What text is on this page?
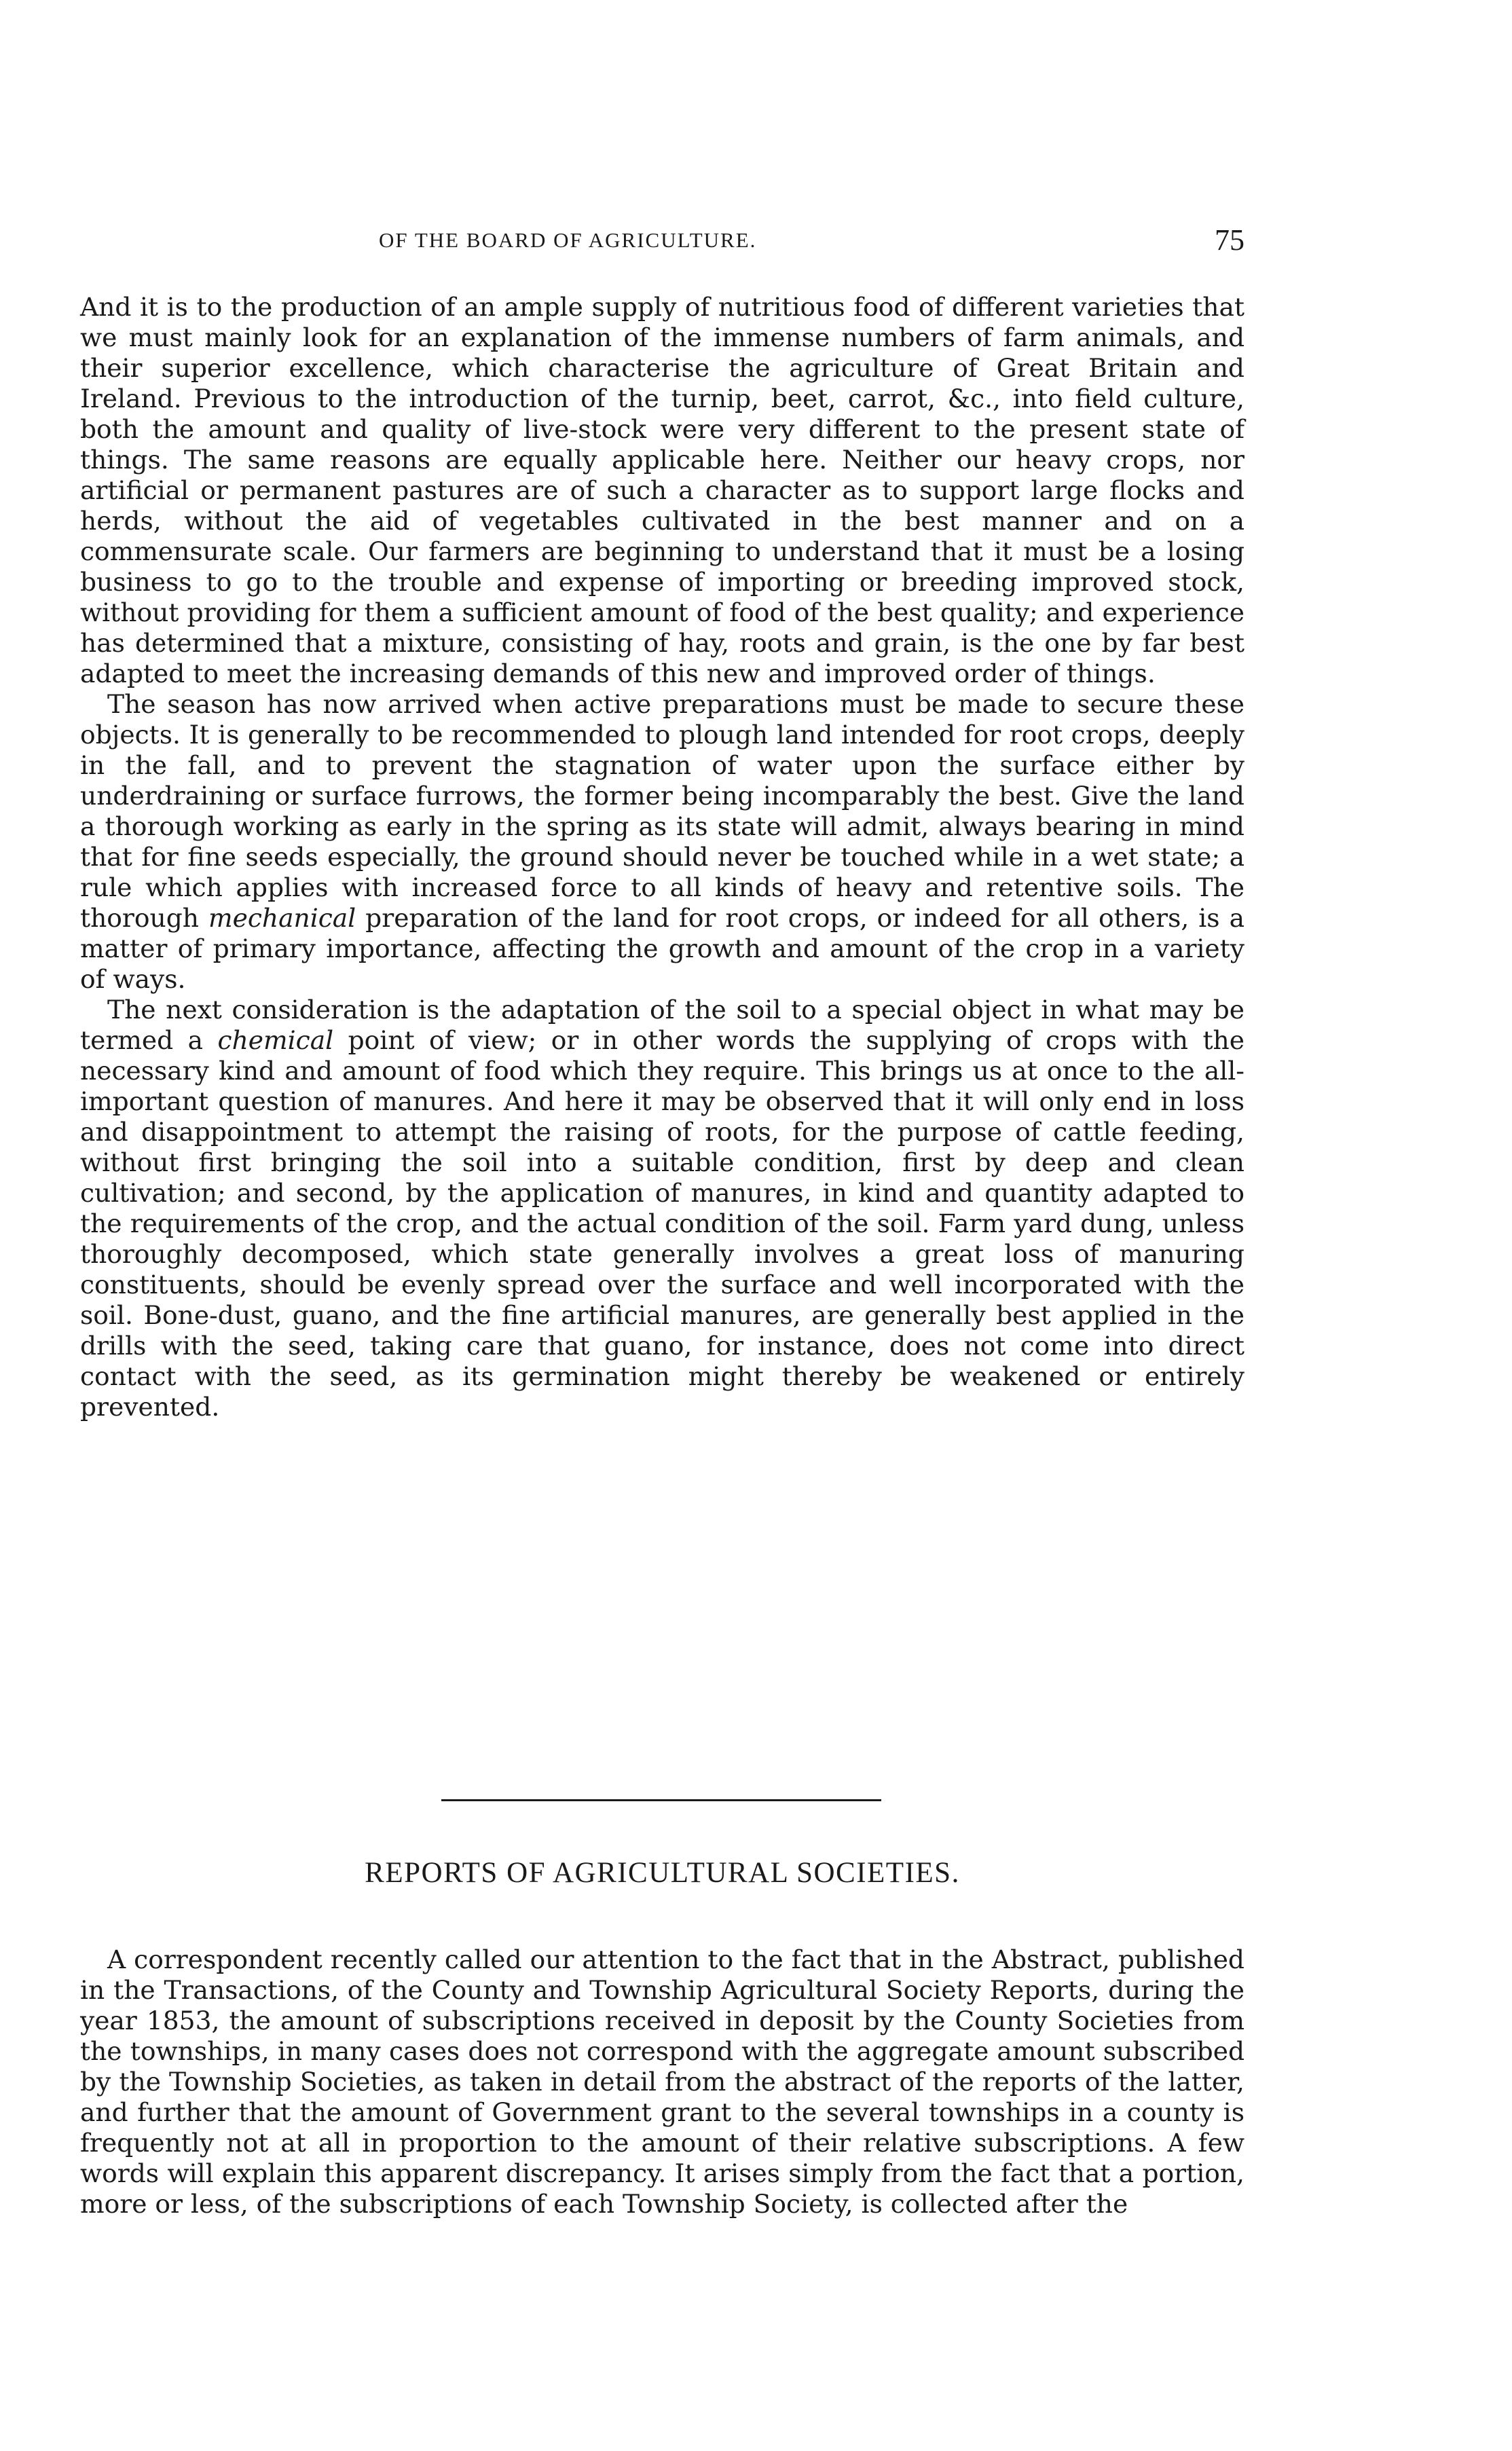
OF THE BOARD OF AGRICULTURE.	75

And it is to the production of an ample supply of nutritious food of different varieties that we must mainly look for an explanation of the immense numbers of farm animals, and their superior excellence, which characterise the agriculture of Great Britain and Ireland. Previous to the introduction of the turnip, beet, carrot, &c., into field culture, both the amount and quality of live-stock were very different to the present state of things. The same reasons are equally applicable here. Neither our heavy crops, nor artificial or permanent pastures are of such a character as to support large flocks and herds, without the aid of vegetables cultivated in the best manner and on a commensurate scale. Our farmers are beginning to understand that it must be a losing business to go to the trouble and expense of importing or breeding improved stock, without providing for them a sufficient amount of food of the best quality; and experience has determined that a mixture, consisting of hay, roots and grain, is the one by far best adapted to meet the increasing demands of this new and improved order of things.

The season has now arrived when active preparations must be made to secure these objects. It is generally to be recommended to plough land intended for root crops, deeply in the fall, and to prevent the stagnation of water upon the surface either by underdraining or surface furrows, the former being incomparably the best. Give the land a thorough working as early in the spring as its state will admit, always bearing in mind that for fine seeds especially, the ground should never be touched while in a wet state; a rule which applies with increased force to all kinds of heavy and retentive soils. The thorough mechanical preparation of the land for root crops, or indeed for all others, is a matter of primary importance, affecting the growth and amount of the crop in a variety of ways.

The next consideration is the adaptation of the soil to a special object in what may be termed a chemical point of view; or in other words the supplying of crops with the necessary kind and amount of food which they require. This brings us at once to the all-important question of manures. And here it may be observed that it will only end in loss and disappointment to attempt the raising of roots, for the purpose of cattle feeding, without first bringing the soil into a suitable condition, first by deep and clean cultivation; and second, by the application of manures, in kind and quantity adapted to the requirements of the crop, and the actual condition of the soil. Farm yard dung, unless thoroughly decomposed, which state generally involves a great loss of manuring constituents, should be evenly spread over the surface and well incorporated with the soil. Bone-dust, guano, and the fine artificial manures, are generally best applied in the drills with the seed, taking care that guano, for instance, does not come into direct contact with the seed, as its germination might thereby be weakened or entirely prevented.

REPORTS OF AGRICULTURAL SOCIETIES.

A correspondent recently called our attention to the fact that in the Abstract, published in the Transactions, of the County and Township Agricultural Society Reports, during the year 1853, the amount of subscriptions received in deposit by the County Societies from the townships, in many cases does not correspond with the aggregate amount subscribed by the Township Societies, as taken in detail from the abstract of the reports of the latter, and further that the amount of Government grant to the several townships in a county is frequently not at all in proportion to the amount of their relative subscriptions. A few words will explain this apparent discrepancy. It arises simply from the fact that a portion, more or less, of the subscriptions of each Township Society, is collected after the
